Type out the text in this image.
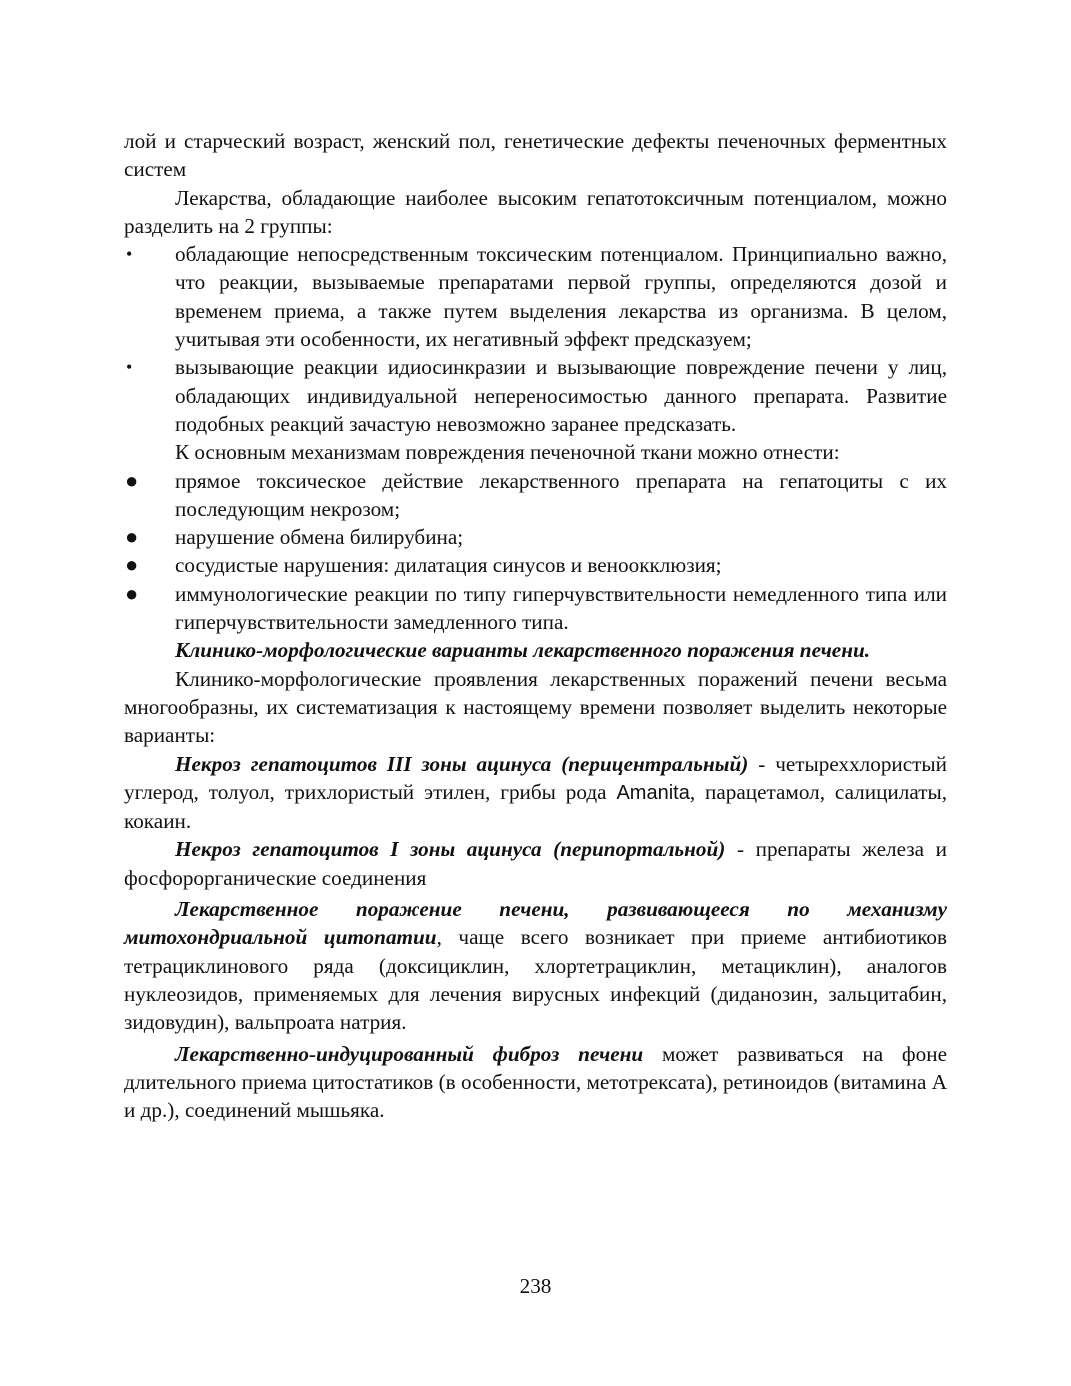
лой и старческий возраст, женский пол, генетические дефекты печеночных ферментных систем

Лекарства, обладающие наиболее высоким гепатотоксичным потенциалом, можно разделить на 2 группы:

• обладающие непосредственным токсическим потенциалом. Принципиально важно, что реакции, вызываемые препаратами первой группы, определяются дозой и временем приема, а также путем выделения лекарства из организма. В целом, учитывая эти особенности, их негативный эффект предсказуем;
• вызывающие реакции идиосинкразии и вызывающие повреждение печени у лиц, обладающих индивидуальной непереносимостью данного препарата. Развитие подобных реакций зачастую невозможно заранее предсказать.

К основным механизмам повреждения печеночной ткани можно отнести:

● прямое токсическое действие лекарственного препарата на гепатоциты с их последующим некрозом;
● нарушение обмена билирубина;
● сосудистые нарушения: дилатация синусов и веноокклюзия;
● иммунологические реакции по типу гиперчувствительности немедленного типа или гиперчувствительности замедленного типа.

Клинико-морфологические варианты лекарственного поражения печени.

Клинико-морфологические проявления лекарственных поражений печени весьма многообразны, их систематизация к настоящему времени позволяет выделить некоторые варианты:

Некроз гепатоцитов III зоны ацинуса (перицентральный) - четыреххлористый углерод, толуол, трихлористый этилен, грибы рода Amanita, парацетамол, салицилаты, кокаин.

Некроз гепатоцитов I зоны ацинуса (перипортальной) - препараты железа и фосфорорганические соединения

Лекарственное поражение печени, развивающееся по механизму митохондриальной цитопатии, чаще всего возникает при приеме антибиотиков тетрациклинового ряда (доксициклин, хлортетрациклин, метациклин), аналогов нуклеозидов, применяемых для лечения вирусных инфекций (диданозин, зальцитабин, зидовудин), вальпроата натрия.

Лекарственно-индуцированный фиброз печени может развиваться на фоне длительного приема цитостатиков (в особенности, метотрексата), ретиноидов (витамина А и др.), соединений мышьяка.

238
